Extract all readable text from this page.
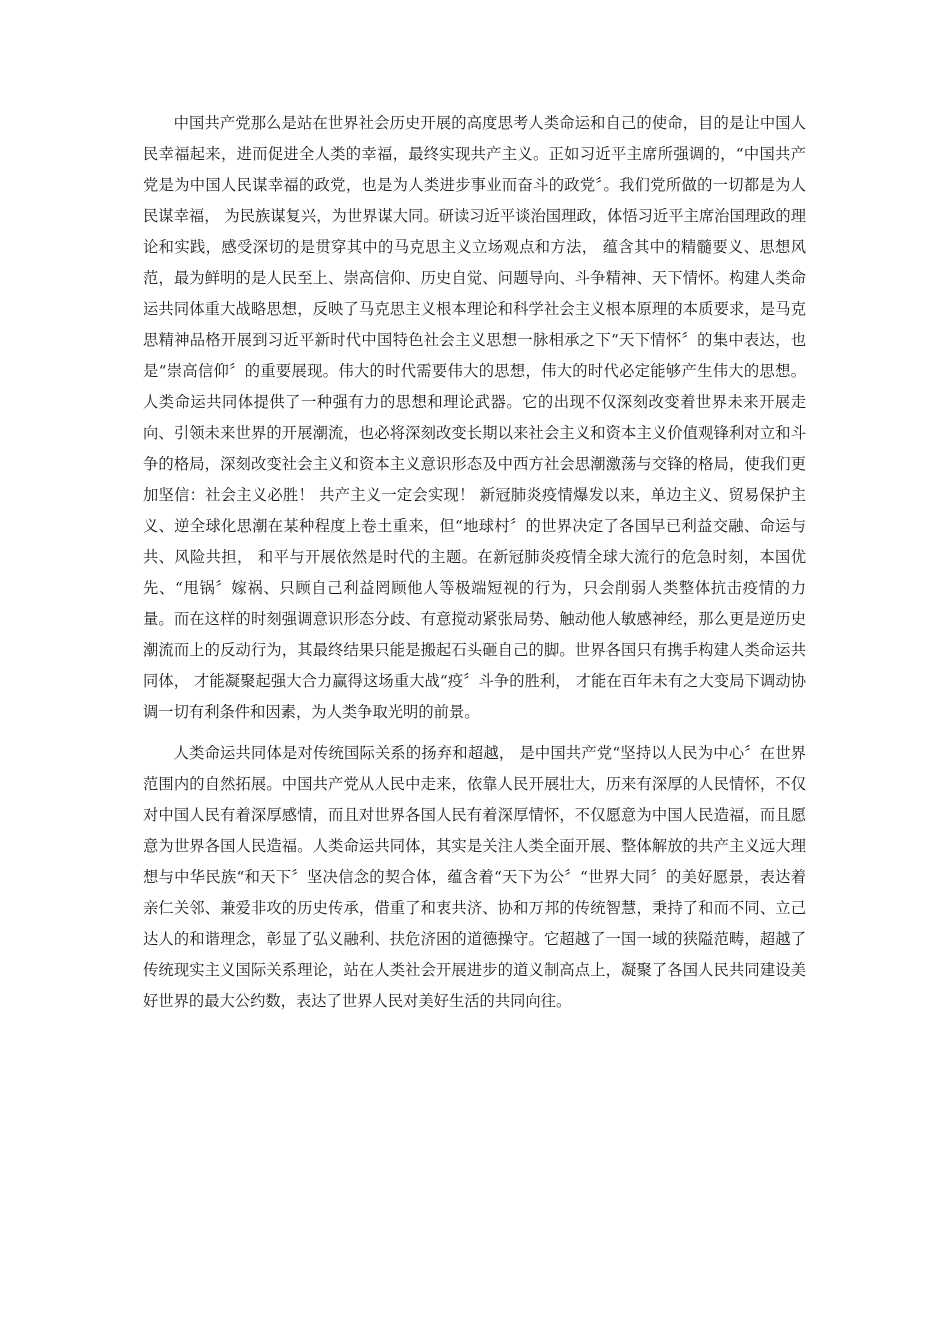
中国共产党那么是站在世界社会历史开展的高度思考人类命运和自己的使命，目的是让中国人民幸福起来，进而促进全人类的幸福，最终实现共产主义。正如习近平主席所强调的，“中国共产党是为中国人民谋幸福的政党，也是为人类进步事业而奋斗的政党〞。我们党所做的一切都是为人民谋幸福， 为民族谋复兴，为世界谋大同。研读习近平谈治国理政，体悟习近平主席治国理政的理论和实践，感受深切的是贯穿其中的马克思主义立场观点和方法， 蕴含其中的精髓要义、思想风范，最为鲜明的是人民至上、崇高信仰、历史自觉、问题导向、斗争精神、天下情怀。构建人类命运共同体重大战略思想，反映了马克思主义根本理论和科学社会主义根本原理的本质要求，是马克思精神品格开展到习近平新时代中国特色社会主义思想一脉相承之下“天下情怀〞的集中表达，也是“崇高信仰〞的重要展现。伟大的时代需要伟大的思想，伟大的时代必定能够产生伟大的思想。人类命运共同体提供了一种强有力的思想和理论武器。它的出现不仅深刻改变着世界未来开展走向、引领未来世界的开展潮流，也必将深刻改变长期以来社会主义和资本主义价值观锋利对立和斗争的格局，深刻改变社会主义和资本主义意识形态及中西方社会思潮激荡与交锋的格局，使我们更加坚信：社会主义必胜！ 共产主义一定会实现！ 新冠肺炎疫情爆发以来，单边主义、贸易保护主义、逆全球化思潮在某种程度上卷土重来，但“地球村〞的世界决定了各国早已利益交融、命运与共、风险共担， 和平与开展依然是时代的主题。在新冠肺炎疫情全球大流行的危急时刻，本国优先、“甩锅〞嫁祸、只顾自己利益罔顾他人等极端短视的行为，只会削弱人类整体抗击疫情的力量。而在这样的时刻强调意识形态分歧、有意搅动紧张局势、触动他人敏感神经，那么更是逆历史潮流而上的反动行为，其最终结果只能是搬起石头砸自己的脚。世界各国只有携手构建人类命运共同体， 才能凝聚起强大合力赢得这场重大战“疫〞斗争的胜利， 才能在百年未有之大变局下调动协调一切有利条件和因素，为人类争取光明的前景。

人类命运共同体是对传统国际关系的扬弃和超越， 是中国共产党“坚持以人民为中心〞在世界范围内的自然拓展。中国共产党从人民中走来，依靠人民开展壮大，历来有深厚的人民情怀，不仅对中国人民有着深厚感情，而且对世界各国人民有着深厚情怀，不仅愿意为中国人民造福，而且愿意为世界各国人民造福。人类命运共同体，其实是关注人类全面开展、整体解放的共产主义远大理想与中华民族“和天下〞坚决信念的契合体，蕴含着“天下为公〞“世界大同〞的美好愿景，表达着亲仁关邻、兼爱非攻的历史传承，借重了和衷共济、协和万邦的传统智慧，秉持了和而不同、立己达人的和谐理念，彰显了弘义融利、扶危济困的道德操守。它超越了一国一域的狭隘范畴，超越了传统现实主义国际关系理论，站在人类社会开展进步的道义制高点上，凝聚了各国人民共同建设美好世界的最大公约数，表达了世界人民对美好生活的共同向往。
